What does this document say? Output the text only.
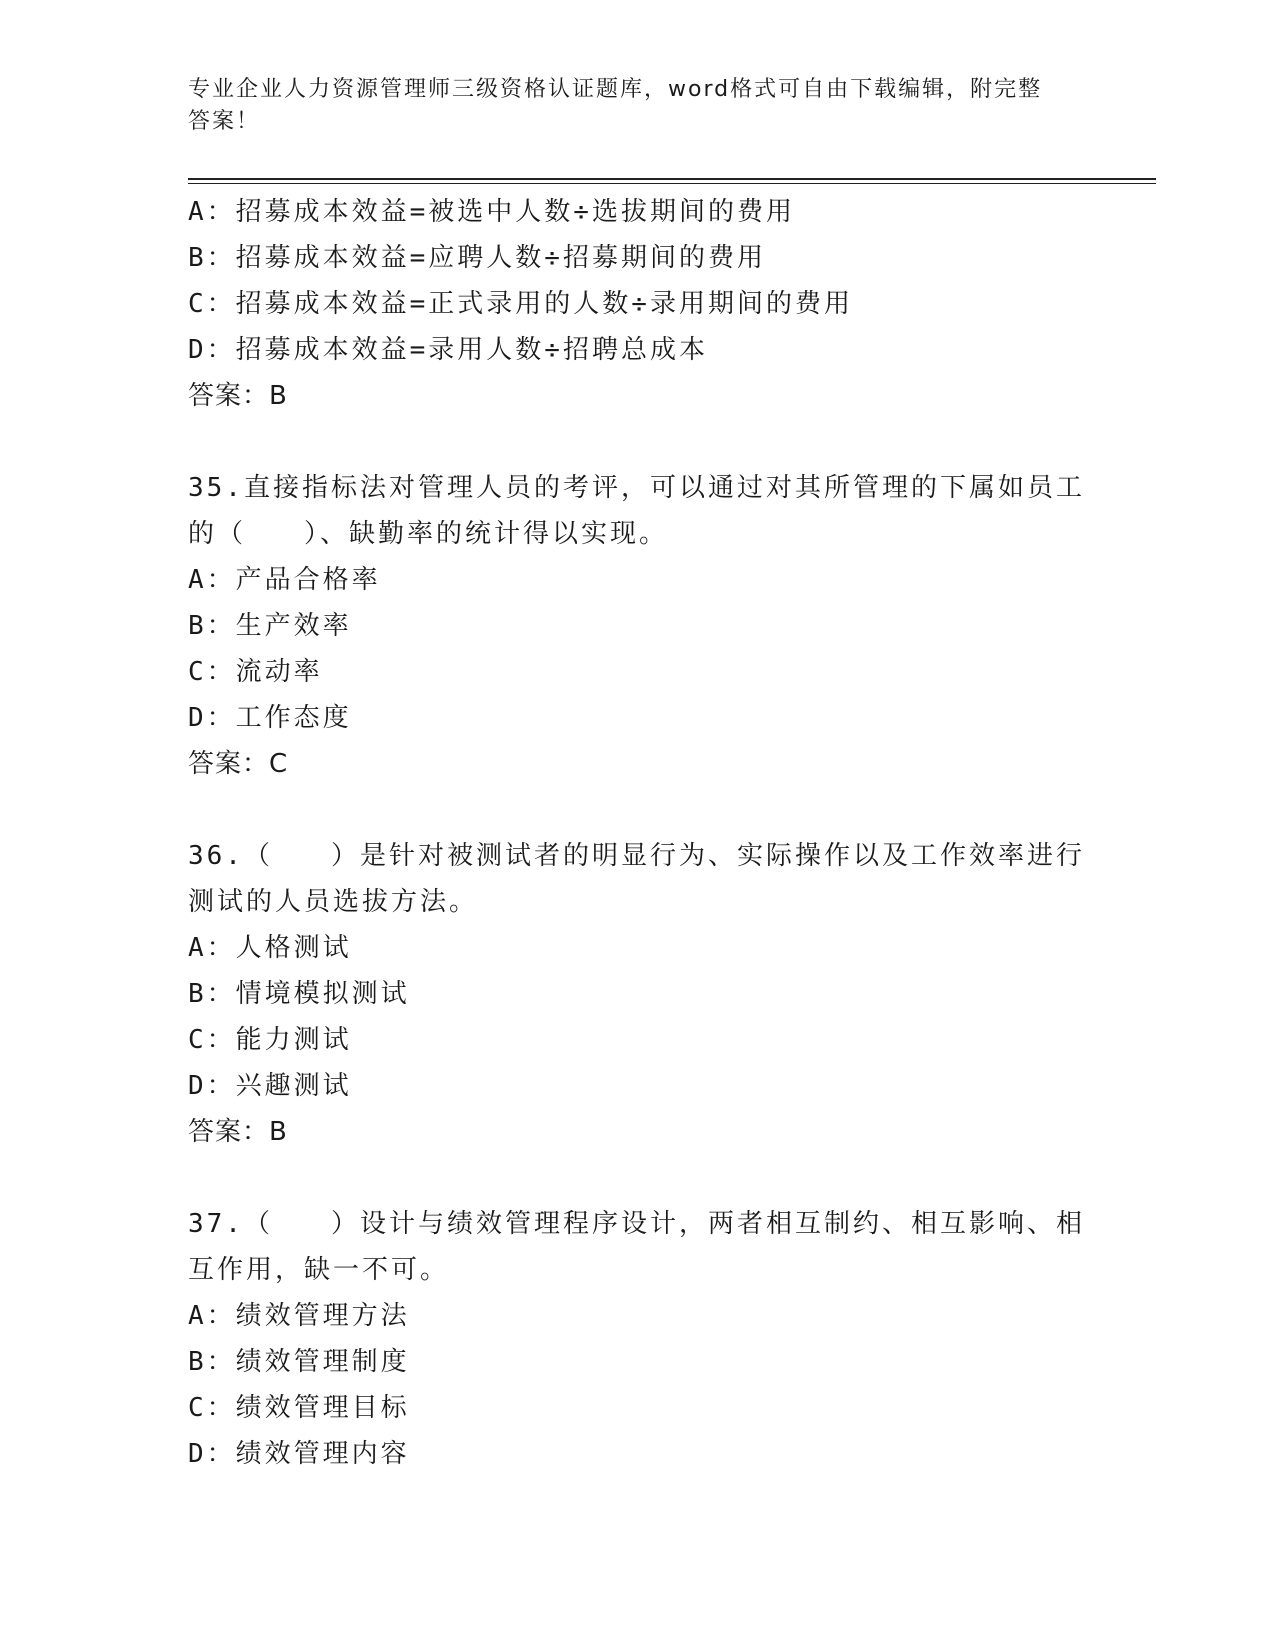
专业企业人力资源管理师三级资格认证题库，word格式可自由下载编辑，附完整
答案！
A：招募成本效益=被选中人数÷选拔期间的费用
B：招募成本效益=应聘人数÷招募期间的费用
C：招募成本效益=正式录用的人数÷录用期间的费用
D：招募成本效益=录用人数÷招聘总成本
答案：B
35.直接指标法对管理人员的考评，可以通过对其所管理的下属如员工
的（　　）、缺勤率的统计得以实现。
A：产品合格率
B：生产效率
C：流动率
D：工作态度
答案：C
36.（　　）是针对被测试者的明显行为、实际操作以及工作效率进行
测试的人员选拔方法。
A：人格测试
B：情境模拟测试
C：能力测试
D：兴趣测试
答案：B
37.（　　）设计与绩效管理程序设计，两者相互制约、相互影响、相
互作用，缺一不可。
A：绩效管理方法
B：绩效管理制度
C：绩效管理目标
D：绩效管理内容
